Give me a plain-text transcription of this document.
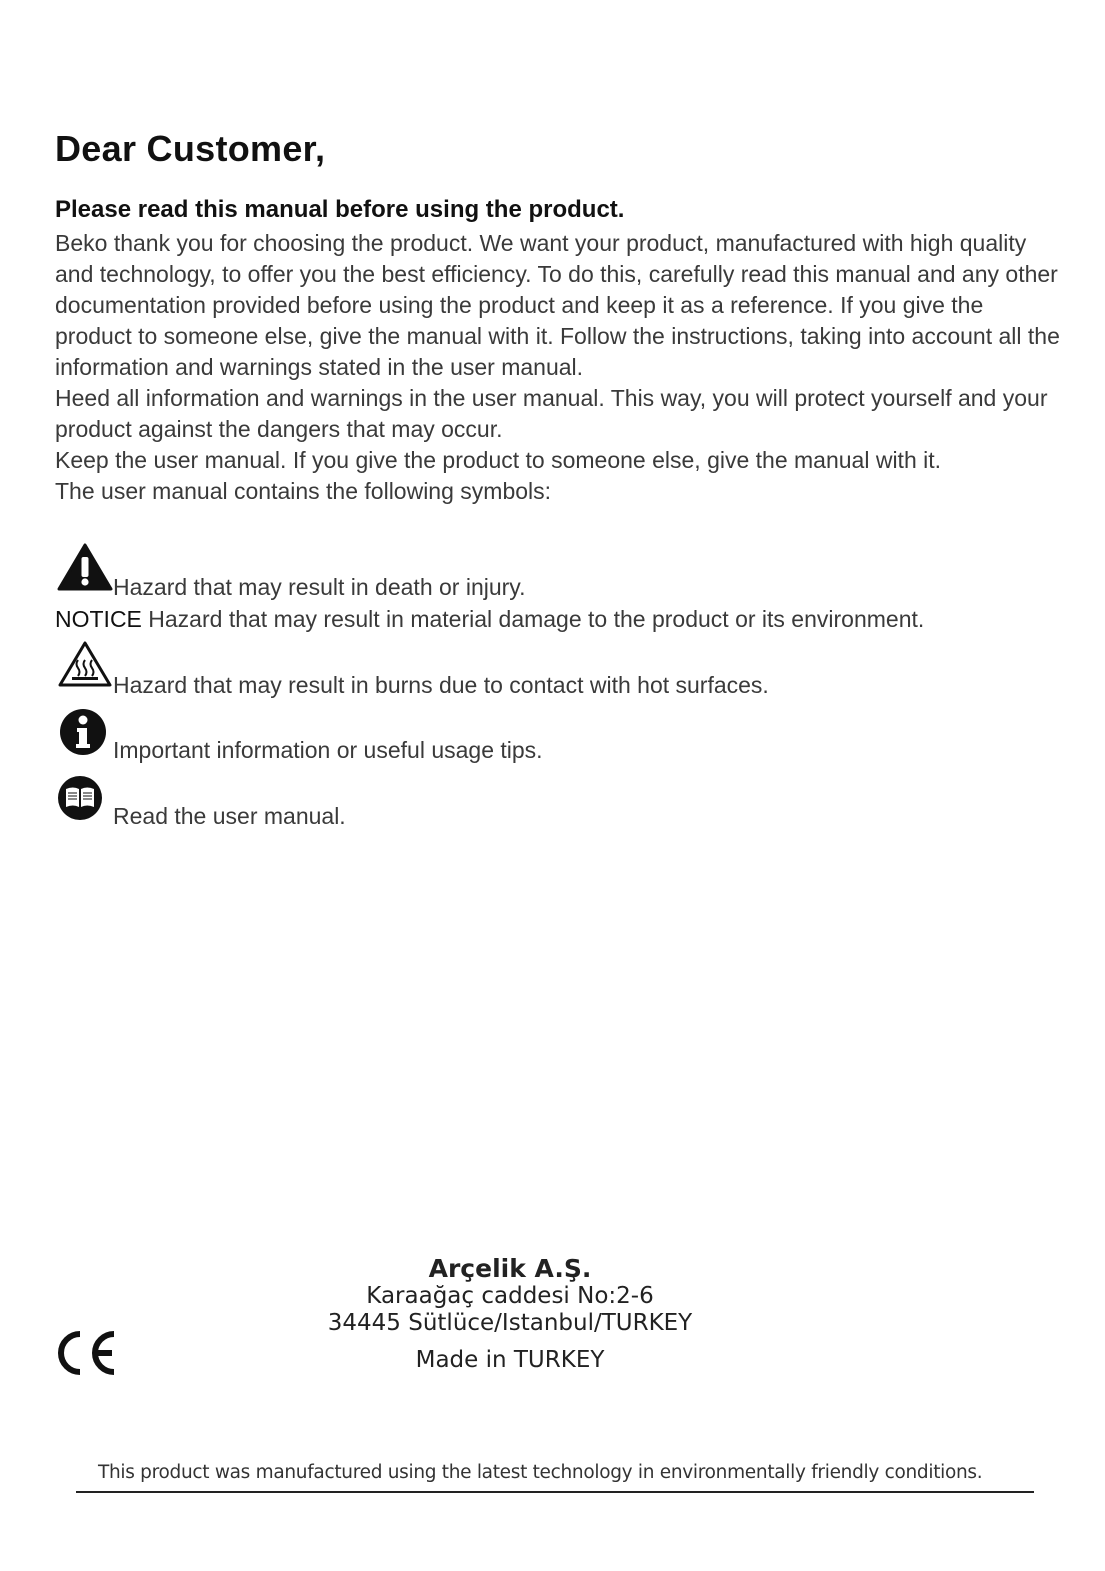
Dear Customer,
Please read this manual before using the product.

Beko thank you for choosing the product. We want your product, manufactured with high quality and technology, to offer you the best efficiency. To do this, carefully read this manual and any other documentation provided before using the product and keep it as a reference. If you give the product to someone else, give the manual with it. Follow the instructions, taking into account all the information and warnings stated in the user manual.

Heed all information and warnings in the user manual. This way, you will protect yourself and your product against the dangers that may occur.

Keep the user manual. If you give the product to someone else, give the manual with it.

The user manual contains the following symbols:

Hazard that may result in death or injury.
NOTICE Hazard that may result in material damage to the product or its environment.
Hazard that may result in burns due to contact with hot surfaces.
Important information or useful usage tips.
Read the user manual.
Arçelik A.Ş.
Karaağaç caddesi No:2-6
34445 Sütlüce/Istanbul/TURKEY
Made in TURKEY
This product was manufactured using the latest technology in environmentally friendly conditions.
